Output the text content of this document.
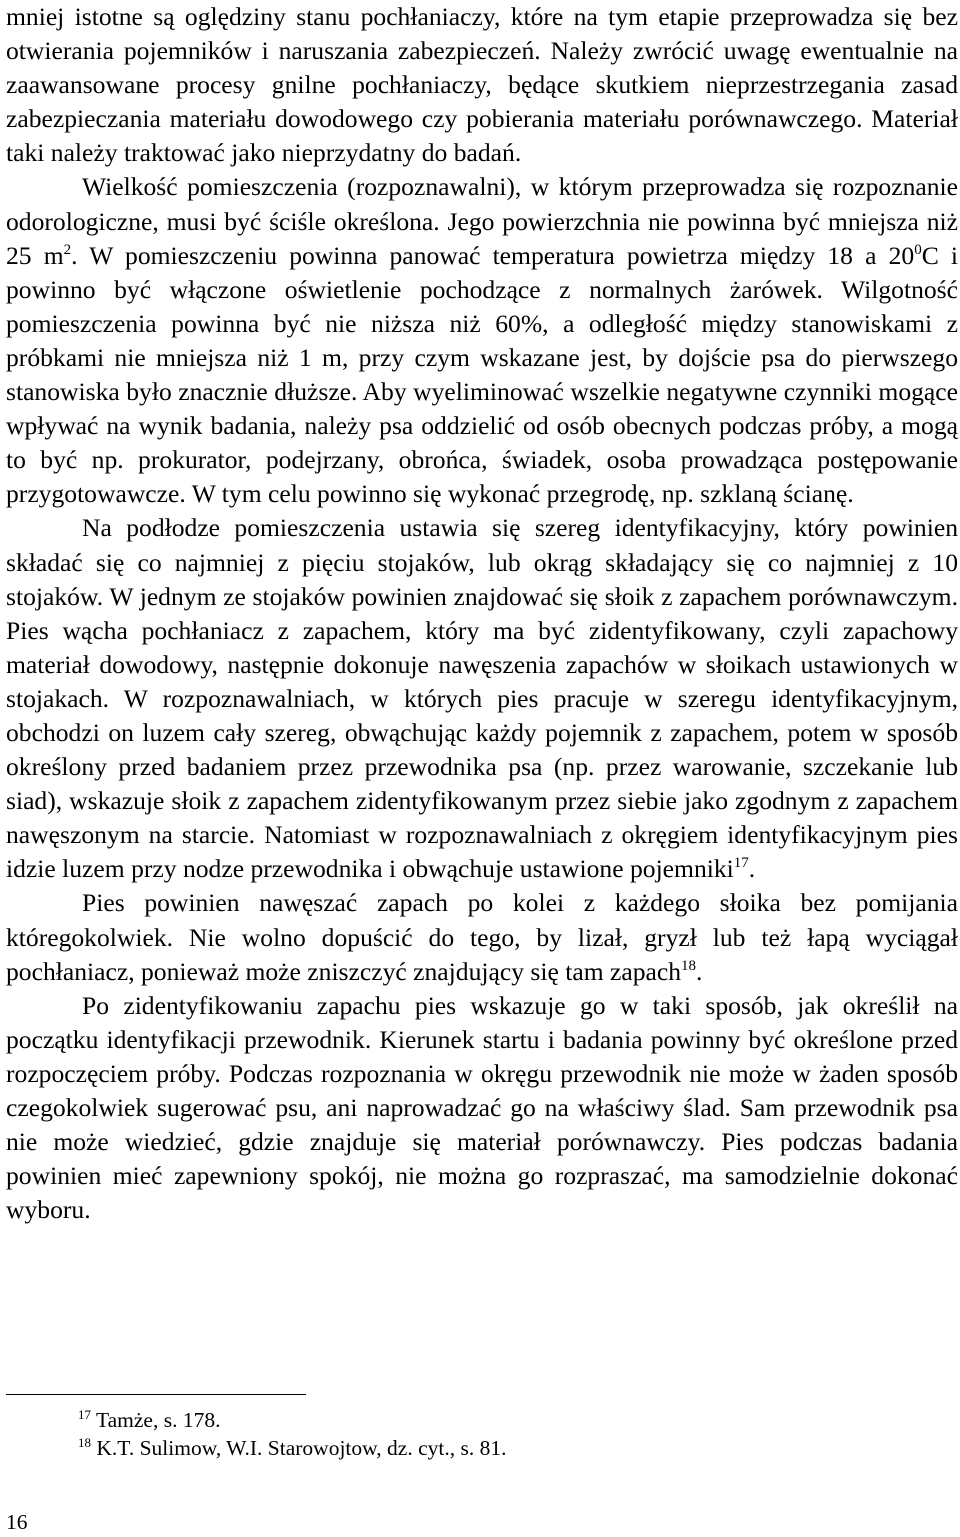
mniej istotne są oględziny stanu pochłaniaczy, które na tym etapie przeprowadza się bez otwierania pojemników i naruszania zabezpieczeń. Należy zwrócić uwagę ewentualnie na zaawansowane procesy gnilne pochłaniaczy, będące skutkiem nieprzestrzegania zasad zabezpieczania materiału dowodowego czy pobierania materiału porównawczego. Materiał taki należy traktować jako nieprzydatny do badań.

Wielkość pomieszczenia (rozpoznawalni), w którym przeprowadza się rozpoznanie odorologiczne, musi być ściśle określona. Jego powierzchnia nie powinna być mniejsza niż 25 $m^2$. W pomieszczeniu powinna panować temperatura powietrza między 18 a $20^0C$ i powinno być włączone oświetlenie pochodzące z normalnych żarówek. Wilgotność pomieszczenia powinna być nie niższa niż 60%, a odległość między stanowiskami z próbkami nie mniejsza niż 1 m, przy czym wskazane jest, by dojście psa do pierwszego stanowiska było znacznie dłuższe. Aby wyeliminować wszelkie negatywne czynniki mogące wpływać na wynik badania, należy psa oddzielić od osób obecnych podczas próby, a mogą to być np. prokurator, podejrzany, obrońca, świadek, osoba prowadząca postępowanie przygotowawcze. W tym celu powinno się wykonać przegrodę, np. szklaną ścianę.

Na podłodze pomieszczenia ustawia się szereg identyfikacyjny, który powinien składać się co najmniej z pięciu stojaków, lub okrąg składający się co najmniej z 10 stojaków. W jednym ze stojaków powinien znajdować się słoik z zapachem porównawczym. Pies wącha pochłaniacz z zapachem, który ma być zidentyfikowany, czyli zapachowy materiał dowodowy, następnie dokonuje nawęszenia zapachów w słoikach ustawionych w stojakach. W rozpoznawalniach, w których pies pracuje w szeregu identyfikacyjnym, obchodzi on luzem cały szereg, obwąchując każdy pojemnik z zapachem, potem w sposób określony przed badaniem przez przewodnika psa (np. przez warowanie, szczekanie lub siad), wskazuje słoik z zapachem zidentyfikowanym przez siebie jako zgodnym z zapachem nawęszonym na starcie. Natomiast w rozpoznawalniach z okręgiem identyfikacyjnym pies idzie luzem przy nodze przewodnika i obwąchuje ustawione pojemniki$^{17}$.

Pies powinien nawęszać zapach po kolei z każdego słoika bez pomijania któregokolwiek. Nie wolno dopuścić do tego, by lizał, gryzł lub też łapą wyciągał pochłaniacz, ponieważ może zniszczyć znajdujący się tam zapach$^{18}$.

Po zidentyfikowaniu zapachu pies wskazuje go w taki sposób, jak określił na początku identyfikacji przewodnik. Kierunek startu i badania powinny być określone przed rozpoczęciem próby. Podczas rozpoznania w okręgu przewodnik nie może w żaden sposób czegokolwiek sugerować psu, ani naprowadzać go na właściwy ślad. Sam przewodnik psa nie może wiedzieć, gdzie znajduje się materiał porównawczy. Pies podczas badania powinien mieć zapewniony spokój, nie można go rozpraszać, ma samodzielnie dokonać wyboru.

$^{17}$ Tamże, s. 178.
$^{18}$ K.T. Sulimow, W.I. Starowojtow, dz. cyt., s. 81.
16
